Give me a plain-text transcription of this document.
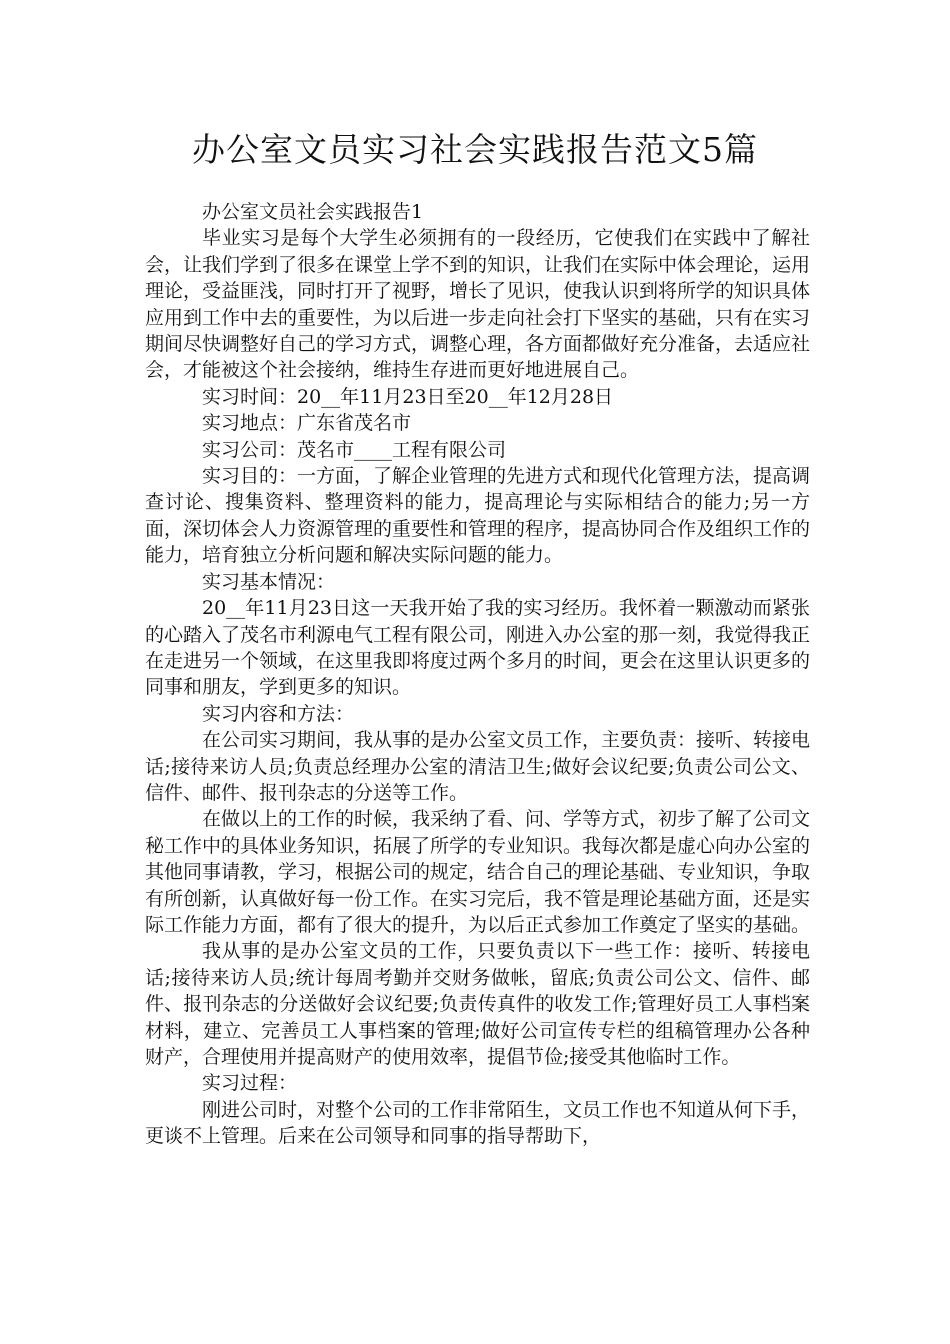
办公室文员实习社会实践报告范文5篇

办公室文员社会实践报告1

毕业实习是每个大学生必须拥有的一段经历，它使我们在实践中了解社会，让我们学到了很多在课堂上学不到的知识，让我们在实际中体会理论，运用理论，受益匪浅，同时打开了视野，增长了见识，使我认识到将所学的知识具体应用到工作中去的重要性，为以后进一步走向社会打下坚实的基础，只有在实习期间尽快调整好自己的学习方式，调整心理，各方面都做好充分准备，去适应社会，才能被这个社会接纳，维持生存进而更好地进展自己。

实习时间：20__年11月23日至20__年12月28日

实习地点：广东省茂名市

实习公司：茂名市____工程有限公司

实习目的：一方面，了解企业管理的先进方式和现代化管理方法，提高调查讨论、搜集资料、整理资料的能力，提高理论与实际相结合的能力;另一方面，深切体会人力资源管理的重要性和管理的程序，提高协同合作及组织工作的能力，培育独立分析问题和解决实际问题的能力。

实习基本情况：

20__年11月23日这一天我开始了我的实习经历。我怀着一颗激动而紧张的心踏入了茂名市利源电气工程有限公司，刚进入办公室的那一刻，我觉得我正在走进另一个领域，在这里我即将度过两个多月的时间，更会在这里认识更多的同事和朋友，学到更多的知识。

实习内容和方法：

在公司实习期间，我从事的是办公室文员工作，主要负责：接听、转接电话;接待来访人员;负责总经理办公室的清洁卫生;做好会议纪要;负责公司公文、信件、邮件、报刊杂志的分送等工作。

在做以上的工作的时候，我采纳了看、问、学等方式，初步了解了公司文秘工作中的具体业务知识，拓展了所学的专业知识。我每次都是虚心向办公室的其他同事请教，学习，根据公司的规定，结合自己的理论基础、专业知识，争取有所创新，认真做好每一份工作。在实习完后，我不管是理论基础方面，还是实际工作能力方面，都有了很大的提升，为以后正式参加工作奠定了坚实的基础。

我从事的是办公室文员的工作，只要负责以下一些工作：接听、转接电话;接待来访人员;统计每周考勤并交财务做帐，留底;负责公司公文、信件、邮件、报刊杂志的分送做好会议纪要;负责传真件的收发工作;管理好员工人事档案材料，建立、完善员工人事档案的管理;做好公司宣传专栏的组稿管理办公各种财产，合理使用并提高财产的使用效率，提倡节俭;接受其他临时工作。

实习过程：

刚进公司时，对整个公司的工作非常陌生，文员工作也不知道从何下手，更谈不上管理。后来在公司领导和同事的指导帮助下，
